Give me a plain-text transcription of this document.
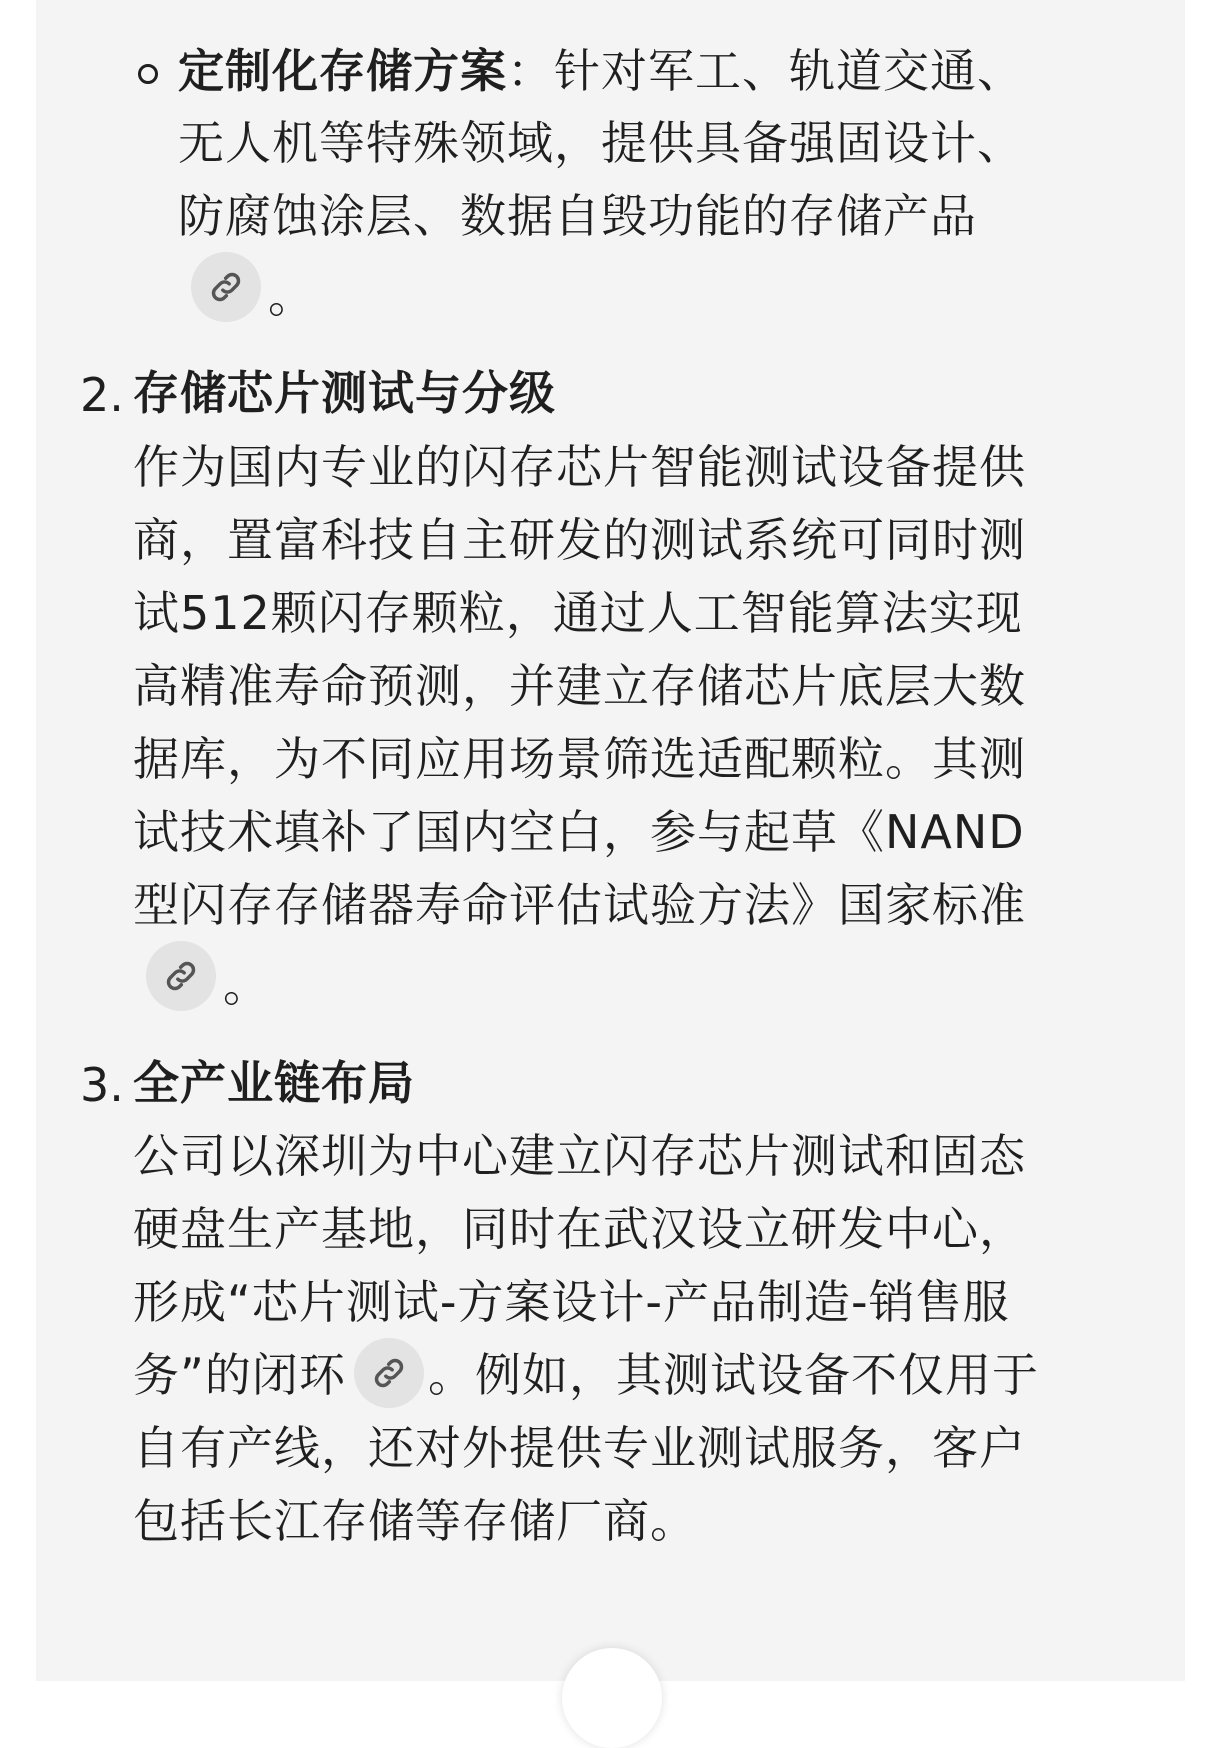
定制化存储方案：针对军工、轨道交通、
无人机等特殊领域，提供具备强固设计、
防腐蚀涂层、数据自毁功能的存储产品
。
2. 存储芯片测试与分级
作为国内专业的闪存芯片智能测试设备提供
商，置富科技自主研发的测试系统可同时测
试512颗闪存颗粒，通过人工智能算法实现
高精准寿命预测，并建立存储芯片底层大数
据库，为不同应用场景筛选适配颗粒。其测
试技术填补了国内空白，参与起草《NAND
型闪存存储器寿命评估试验方法》国家标准
。
3. 全产业链布局
公司以深圳为中心建立闪存芯片测试和固态
硬盘生产基地，同时在武汉设立研发中心，
形成“芯片测试-方案设计-产品制造-销售服
务”的闭环 。例如，其测试设备不仅用于
自有产线，还对外提供专业测试服务，客户
包括长江存储等存储厂商。
